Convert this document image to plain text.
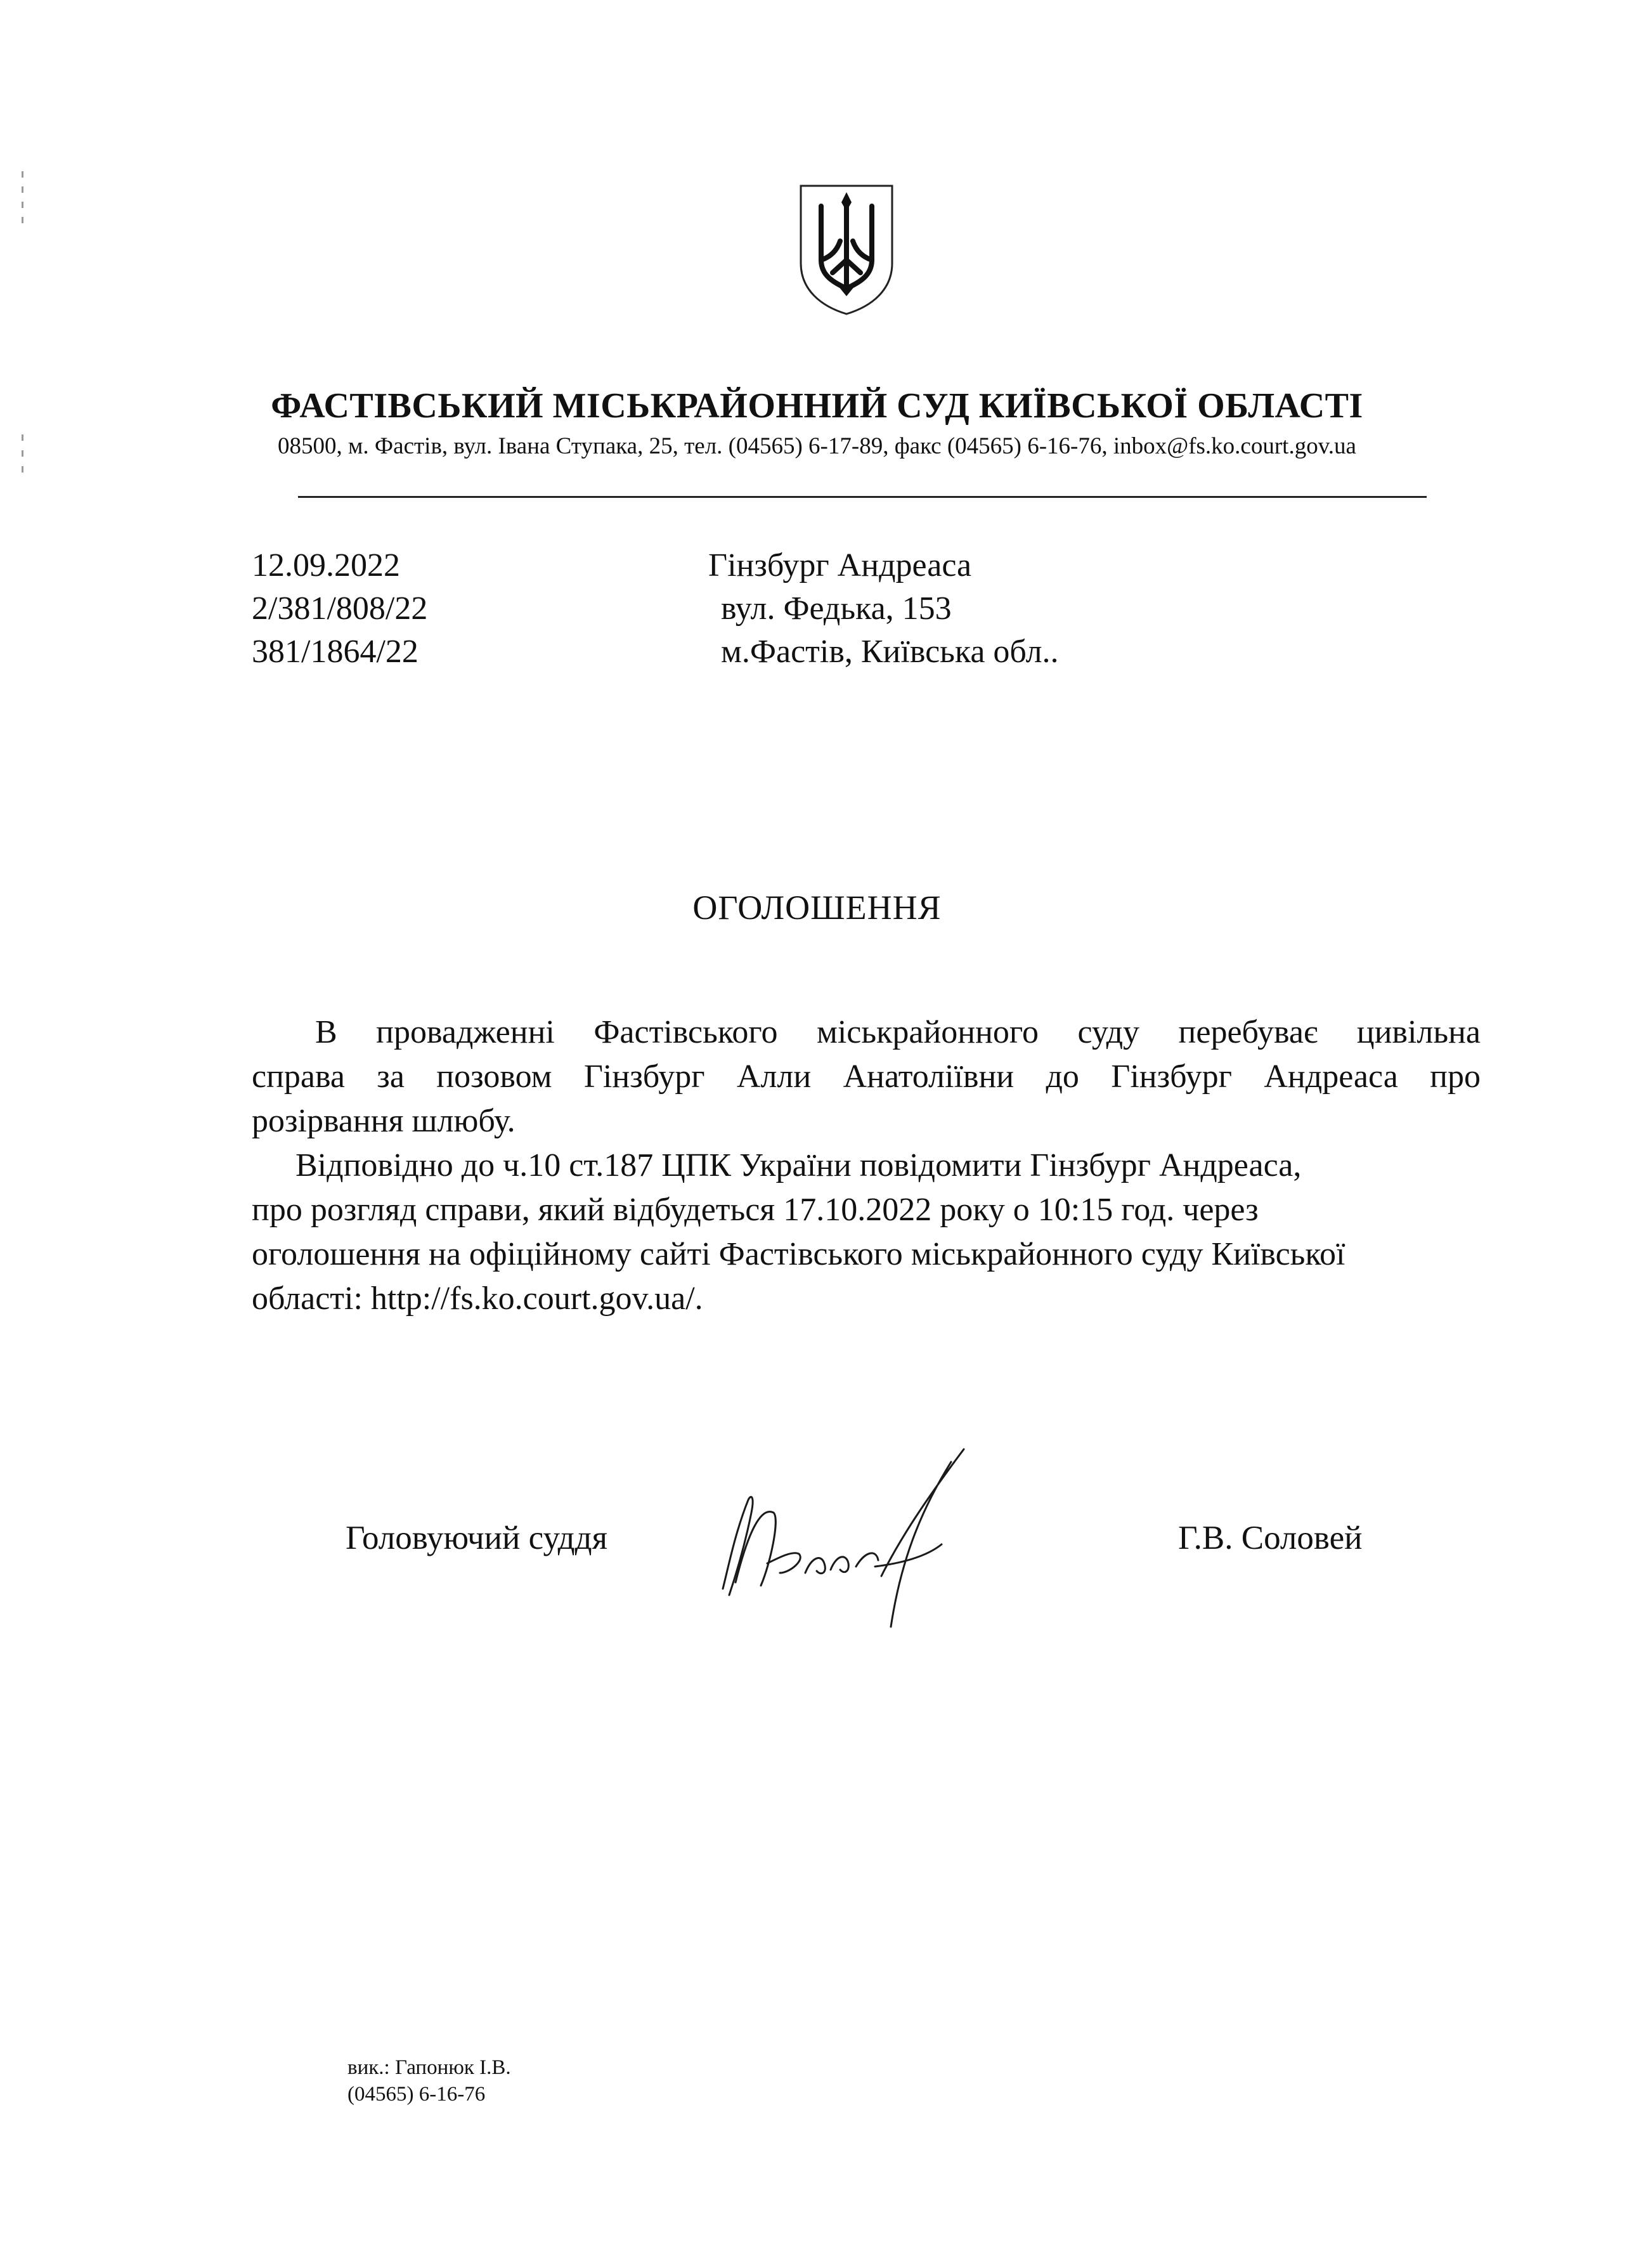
ФАСТІВСЬКИЙ МІСЬКРАЙОННИЙ СУД КИЇВСЬКОЇ ОБЛАСТІ
08500, м. Фастів, вул. Івана Ступака, 25, тел. (04565) 6-17-89, факс (04565) 6-16-76, inbox@fs.ko.court.gov.ua
12.09.2022
2/381/808/22
381/1864/22
Гінзбург Андреаса
вул. Федька, 153
м.Фастів, Київська обл..
ОГОЛОШЕННЯ
В провадженні Фастівського міськрайонного суду перебуває цивільна
справа за позовом Гінзбург Алли Анатоліївни до Гінзбург Андреаса про
розірвання шлюбу.
Відповідно до ч.10 ст.187 ЦПК України повідомити Гінзбург Андреаса,
про розгляд справи, який відбудеться 17.10.2022 року о 10:15 год. через
оголошення на офіційному сайті Фастівського міськрайонного суду Київської
області: http://fs.ko.court.gov.ua/.
Головуючий суддя	Г.В. Соловей
вик.: Гапонюк І.В.
(04565) 6-16-76
